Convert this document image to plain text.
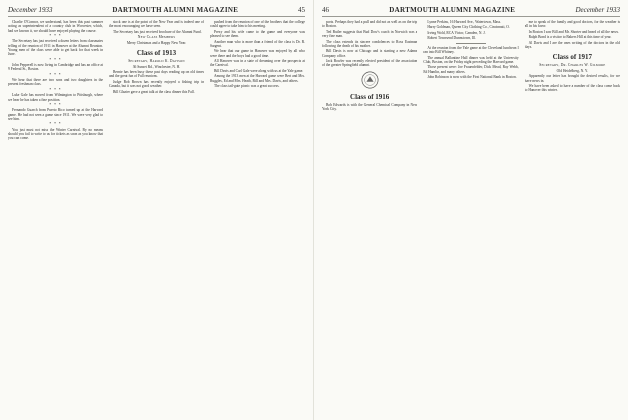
December 1933	DARTMOUTH ALUMNI MAGAZINE	45

Charlie O'Connor, we understand, has been this past summer acting as superintendent of a country club in Worcester, which, had we known it, we should have enjoyed playing the course.

* * *

The Secretary has just received a dozen letters from classmates telling of the reunion of 1911 in Hanover at the Alumni Reunion. Young men of the class were able to get back for that week in June.

* * *

John Pepperell is now living in Cambridge and has an office at 9 Federal St., Boston.

* * *

We hear that there are two sons and two daughters in the present freshman class.

* * *

Luke Gale has moved from Wilmington to Pittsburgh, where we hear he has taken a fine position.

* * *

Fernando Guarch from Puerto Rico turned up at the Harvard game. He had not seen a game since 1911. We were very glad to see him.

* * *

You just must not miss the Winter Carnival. By no means should you fail to write to us for tickets as soon as you know that you can come.

stock one is at the point of the New Year and is indeed one of the most encouraging we have seen.

The Secretary has just received brochure of the Alumni Fund.

New Class Members

Merry Christmas and a Happy New Year.

Class of 1913

Secretary, Harold K. Davison

36 Sunset Rd., Winchester, N. H.

Bernie has been busy these past days reading up on old times and the great fun of Fall reunions.

Judge Bob Brown has recently enjoyed a fishing trip in Canada, but it was not good weather.

Bill Glazier gave a great talk at the class dinner this Fall.

pushed from the reunion of one of the brothers that the college could agree to take him to his meeting.

Prexy and his wife came to the game and everyone was pleased to see them.

Another man who is more than a friend of the class is Dr. R. Sargent.

We hear that our game in Hanover was enjoyed by all who were there and the boys had a good time.

All Hanover was in a state of dreaming over the prospects at the Carnival.

Bill Davis and Carl Gale were along with us at the Yale game.

Among the 1913 men at the Harvard game were Bert and Mrs. Ruggles, Ed and Mrs. Heath, Bill and Mrs. Davis, and others.

The class tail-gate picnic was a great success.

46	DARTMOUTH ALUMNI MAGAZINE	December 1933

ports. Perhaps they had a pull and did not as well as on the trip to Boston.

Ted Butler suggests that Bud Dow's coach in Norwich was a very fine man.

The class extends its sincere condolences to Ross Eastman following the death of his mother.

Bill Davis is now at Chicago and is starting a new Adams Company office.

Jack Bowler was recently elected president of the association of the greater Springfield alumni.

Class of 1916

Bob Edwards is with the General Chemical Company in New York City.

Lynne Perkins, 16 Harvard Ave., Watertown, Mass.

Harry Goldman, Queen City Clothing Co., Cincinnati, O.

Irving Wold, RCA Victor, Camden, N. J.

Robert Townsend Dunnstown, Ill.

At the reunion from the Yale game at the Cleveland luncheon I ran into Bill Whitney.

The annual Ballantine Hall dinner was held at the University Club, Boston, on the Friday night preceding the Harvard game.

Those present were: Joe Frauenfelder, Dick Mead, Ray Webb, Ed Hamlin, and many others.

John Robinson is now with the First National Bank in Boston.

me to speak of the family and good doctors, for the weather is all in his favor.

In Boston I saw Bill and Mr. Shorter and heard of all the news.

Ralph Bond is a visitor to Bakers Hill at this time of year.

Al Davis and I are the ones writing of the doctors in the old days.

Class of 1917

Secretary, Dr. Charles W. Gilmore

Old Heidelberg, N. Y.

Apparently our letter has brought the desired results, for we have news in.

We have been asked to have a number of the class come back to Hanover this winter.
